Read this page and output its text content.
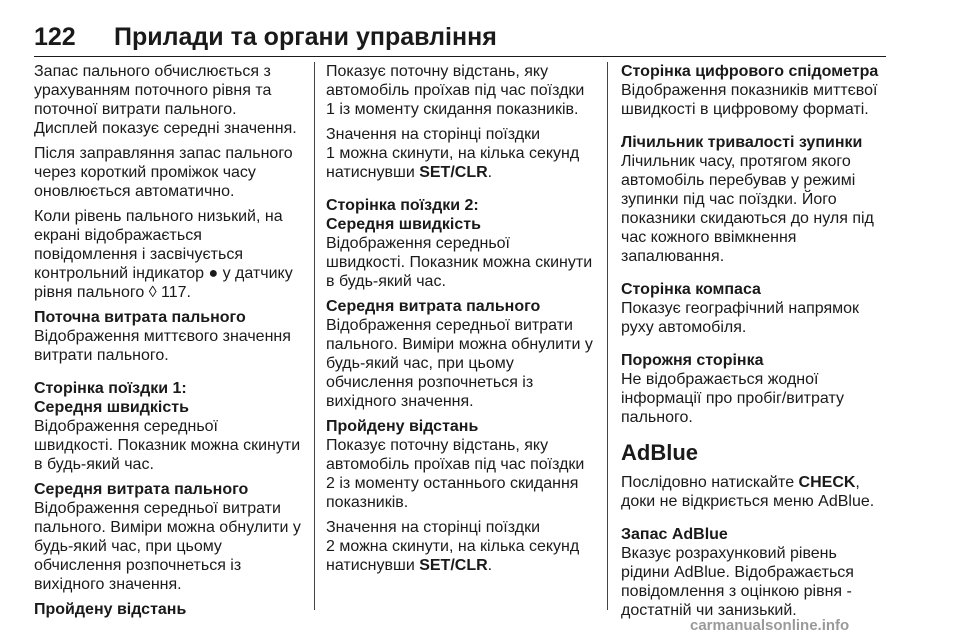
122	Прилади та органи управління

Запас пального обчислюється з
урахуванням поточного рівня та
поточної витрати пального.
Дисплей показує середні значення.

Після заправляння запас пального
через короткий проміжок часу
оновлюється автоматично.

Коли рівень пального низький, на
екрані відображається
повідомлення і засвічується
контрольний індикатор ● у датчику
рівня пального ◊ 117.

Поточна витрата пального

Відображення миттєвого значення
витрати пального.

Сторінка поїздки 1:
Середня швидкість

Відображення середньої
швидкості. Показник можна скинути
в будь-який час.

Середня витрата пального

Відображення середньої витрати
пального. Виміри можна обнулити у
будь-який час, при цьому
обчислення розпочнеться із
вихідного значення.

Пройдену відстань

Показує поточну відстань, яку
автомобіль проїхав під час поїздки
1 із моменту скидання показників.

Значення на сторінці поїздки
1 можна скинути, на кілька секунд
натиснувши SET/CLR.

Сторінка поїздки 2:
Середня швидкість

Відображення середньої
швидкості. Показник можна скинути
в будь-який час.

Середня витрата пального

Відображення середньої витрати
пального. Виміри можна обнулити у
будь-який час, при цьому
обчислення розпочнеться із
вихідного значення.

Пройдену відстань

Показує поточну відстань, яку
автомобіль проїхав під час поїздки
2 із моменту останнього скидання
показників.

Значення на сторінці поїздки
2 можна скинути, на кілька секунд
натиснувши SET/CLR.

Сторінка цифрового спідометра

Відображення показників миттєвої
швидкості в цифровому форматі.

Лічильник тривалості зупинки

Лічильник часу, протягом якого
автомобіль перебував у режимі
зупинки під час поїздки. Його
показники скидаються до нуля під
час кожного ввімкнення
запалювання.

Сторінка компаса

Показує географічний напрямок
руху автомобіля.

Порожня сторінка

Не відображається жодної
інформації про пробіг/витрату
пального.

AdBlue

Послідовно натискайте CHECK,
доки не відкриється меню AdBlue.

Запас AdBlue

Вказує розрахунковий рівень
рідини AdBlue. Відображається
повідомлення з оцінкою рівня -
достатній чи занизький.

carmanualsonline.info
